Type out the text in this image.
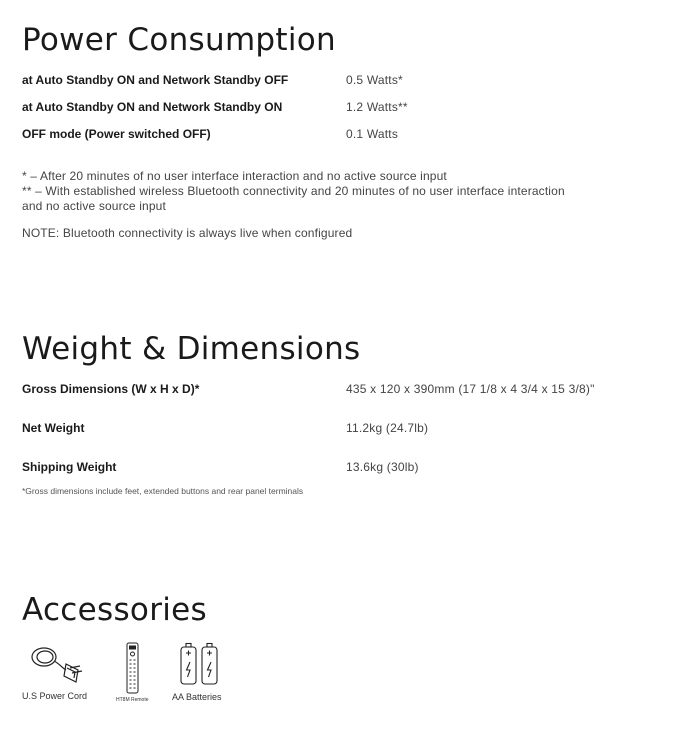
Power Consumption
at Auto Standby ON and Network Standby OFF	0.5 Watts*
at Auto Standby ON and Network Standby ON	1.2 Watts**
OFF mode (Power switched OFF)	0.1 Watts
* – After 20 minutes of no user interface interaction and no active source input
** – With established wireless Bluetooth connectivity and 20 minutes of no user interface interaction
and no active source input
NOTE: Bluetooth connectivity is always live when configured
Weight & Dimensions
Gross Dimensions (W x H x D)*	435 x 120 x 390mm (17 1/8 x 4 3/4 x 15 3/8)"
Net Weight	11.2kg (24.7lb)
Shipping Weight	13.6kg (30lb)
*Gross dimensions include feet, extended buttons and rear panel terminals
Accessories
U.S Power Cord	HT8M Remote	AA Batteries
